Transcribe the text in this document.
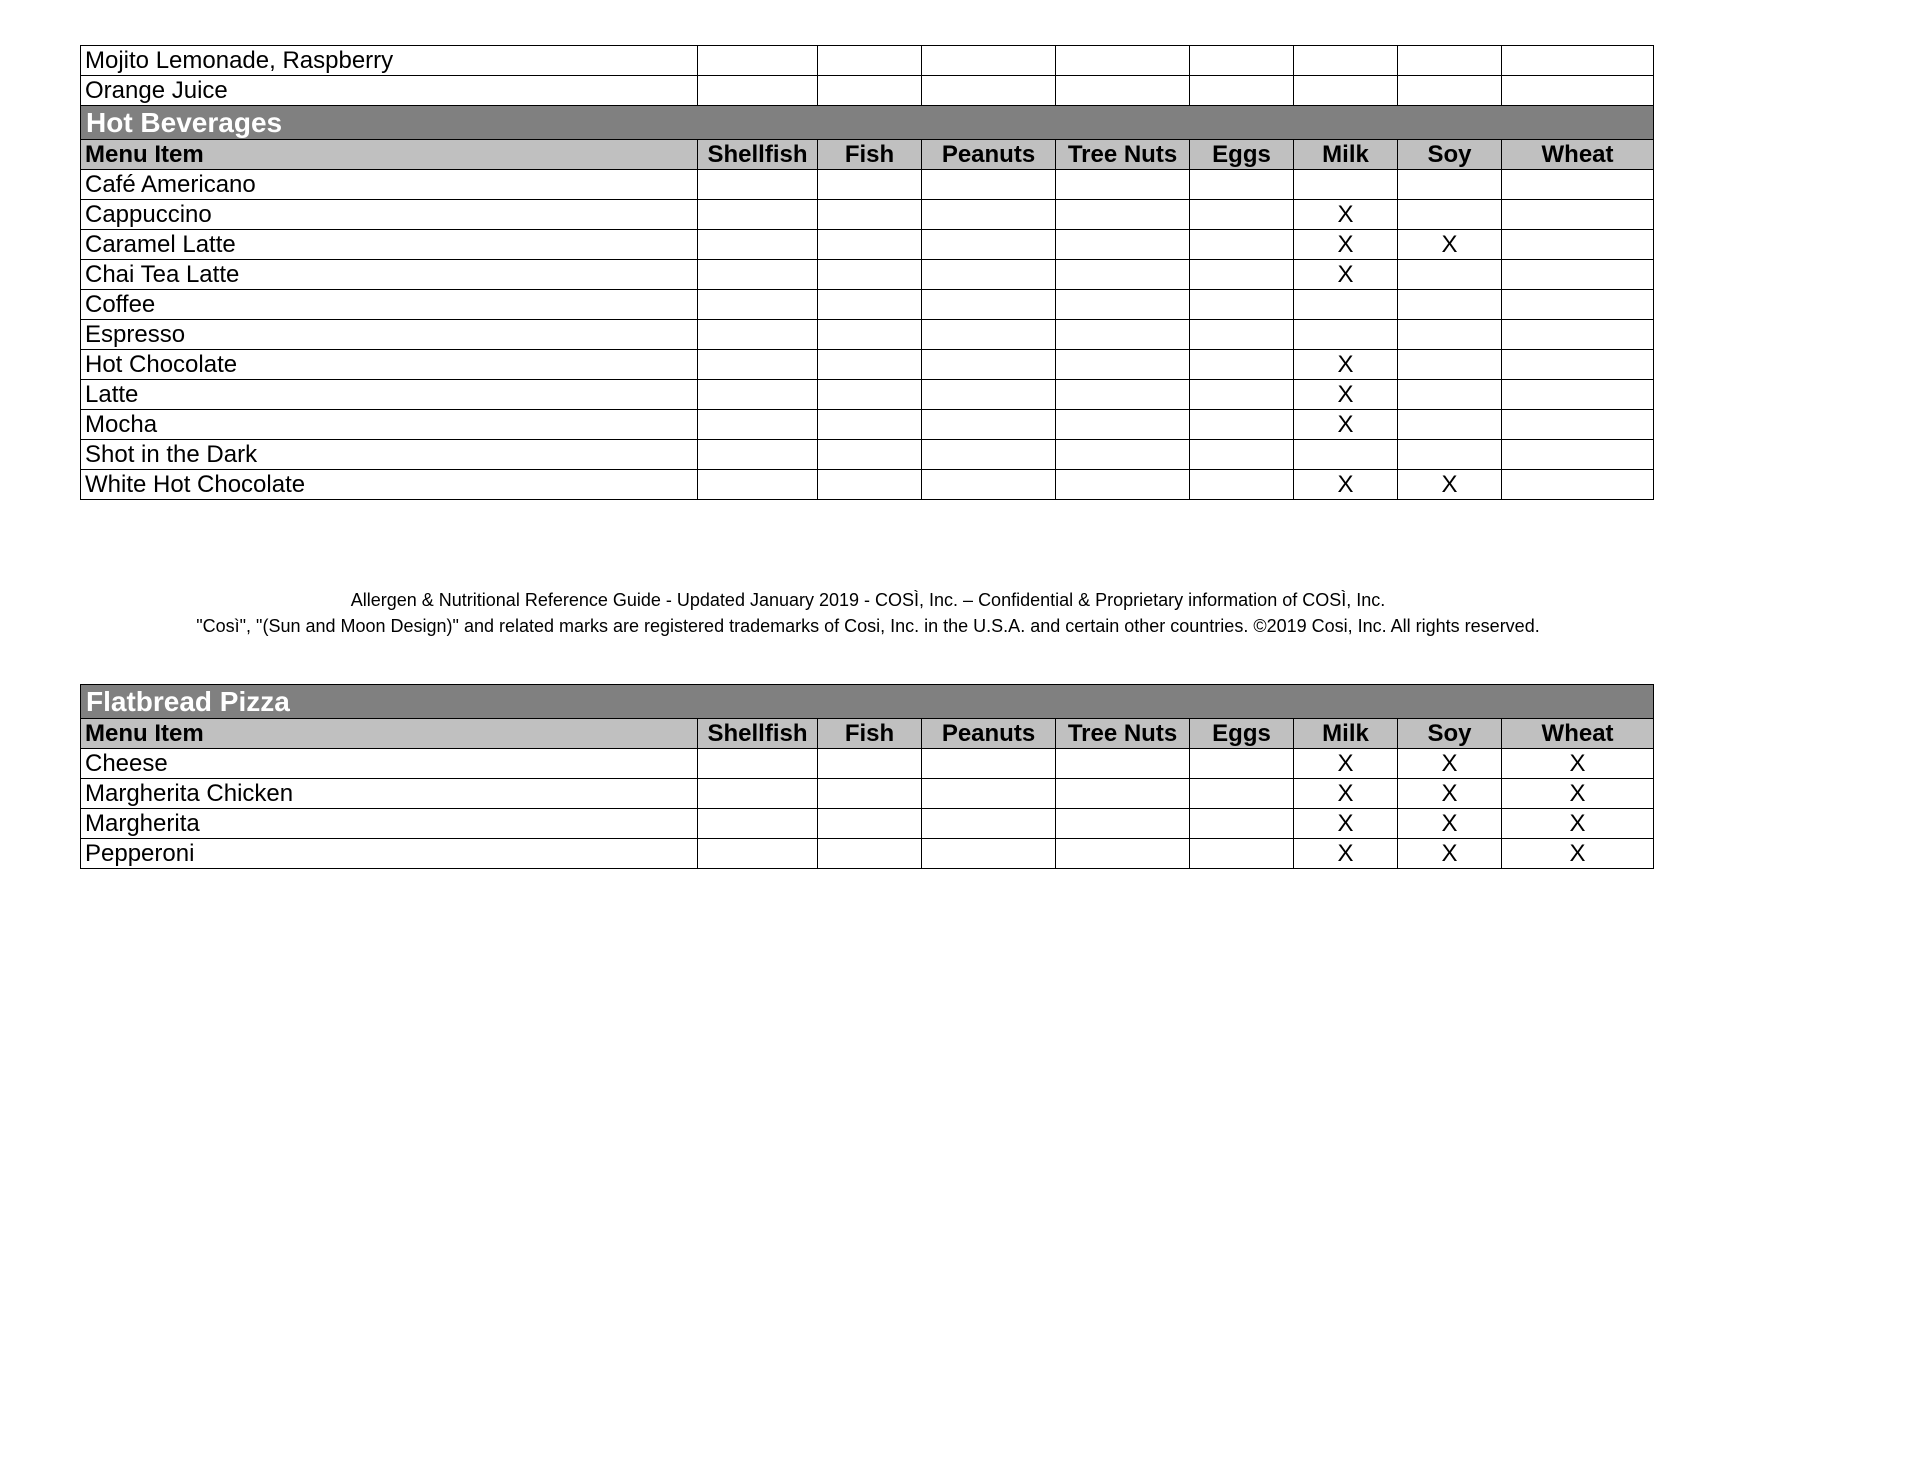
Mojito Lemonade, Raspberry								
Orange Juice								
Hot Beverages								
Menu Item	Shellfish	Fish	Peanuts	Tree Nuts	Eggs	Milk	Soy	Wheat
Café Americano								
Cappuccino						X		
Caramel Latte						X	X	
Chai Tea Latte						X		
Coffee								
Espresso								
Hot Chocolate						X		
Latte						X		
Mocha						X		
Shot in the Dark								
White Hot Chocolate						X	X	
Allergen & Nutritional Reference Guide - Updated January 2019 - COSÌ, Inc. – Confidential & Proprietary information of COSÌ, Inc.
"Così", "(Sun and Moon Design)" and related marks are registered trademarks of Cosi, Inc. in the U.S.A. and certain other countries. ©2019 Cosi, Inc. All rights reserved.
Flatbread Pizza								
Menu Item	Shellfish	Fish	Peanuts	Tree Nuts	Eggs	Milk	Soy	Wheat
Cheese						X	X	X
Margherita Chicken						X	X	X
Margherita						X	X	X
Pepperoni						X	X	X
